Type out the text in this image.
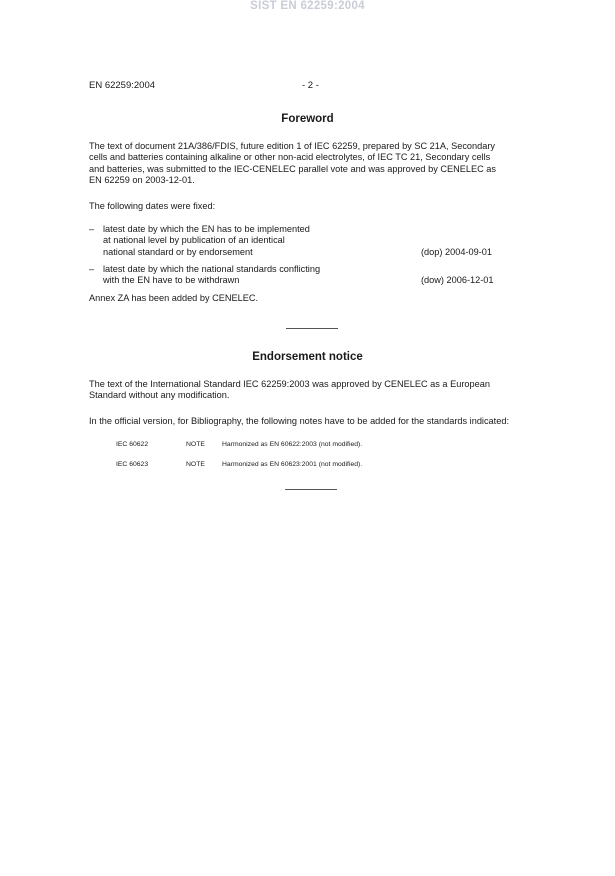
SIST EN 62259:2004
EN 62259:2004	- 2 -
Foreword
The text of document 21A/386/FDIS, future edition 1 of IEC 62259, prepared by SC 21A, Secondary
cells and batteries containing alkaline or other non-acid electrolytes, of IEC TC 21, Secondary cells
and batteries, was submitted to the IEC-CENELEC parallel vote and was approved by CENELEC as
EN 62259 on 2003-12-01.
The following dates were fixed:
– latest date by which the EN has to be implemented
at national level by publication of an identical
national standard or by endorsement	(dop) 2004-09-01
– latest date by which the national standards conflicting
with the EN have to be withdrawn	(dow) 2006-12-01
Annex ZA has been added by CENELEC.
Endorsement notice
The text of the International Standard IEC 62259:2003 was approved by CENELEC as a European
Standard without any modification.
In the official version, for Bibliography, the following notes have to be added for the standards indicated:
IEC 60622	NOTE	Harmonized as EN 60622:2003 (not modified).
IEC 60623	NOTE	Harmonized as EN 60623:2001 (not modified).
